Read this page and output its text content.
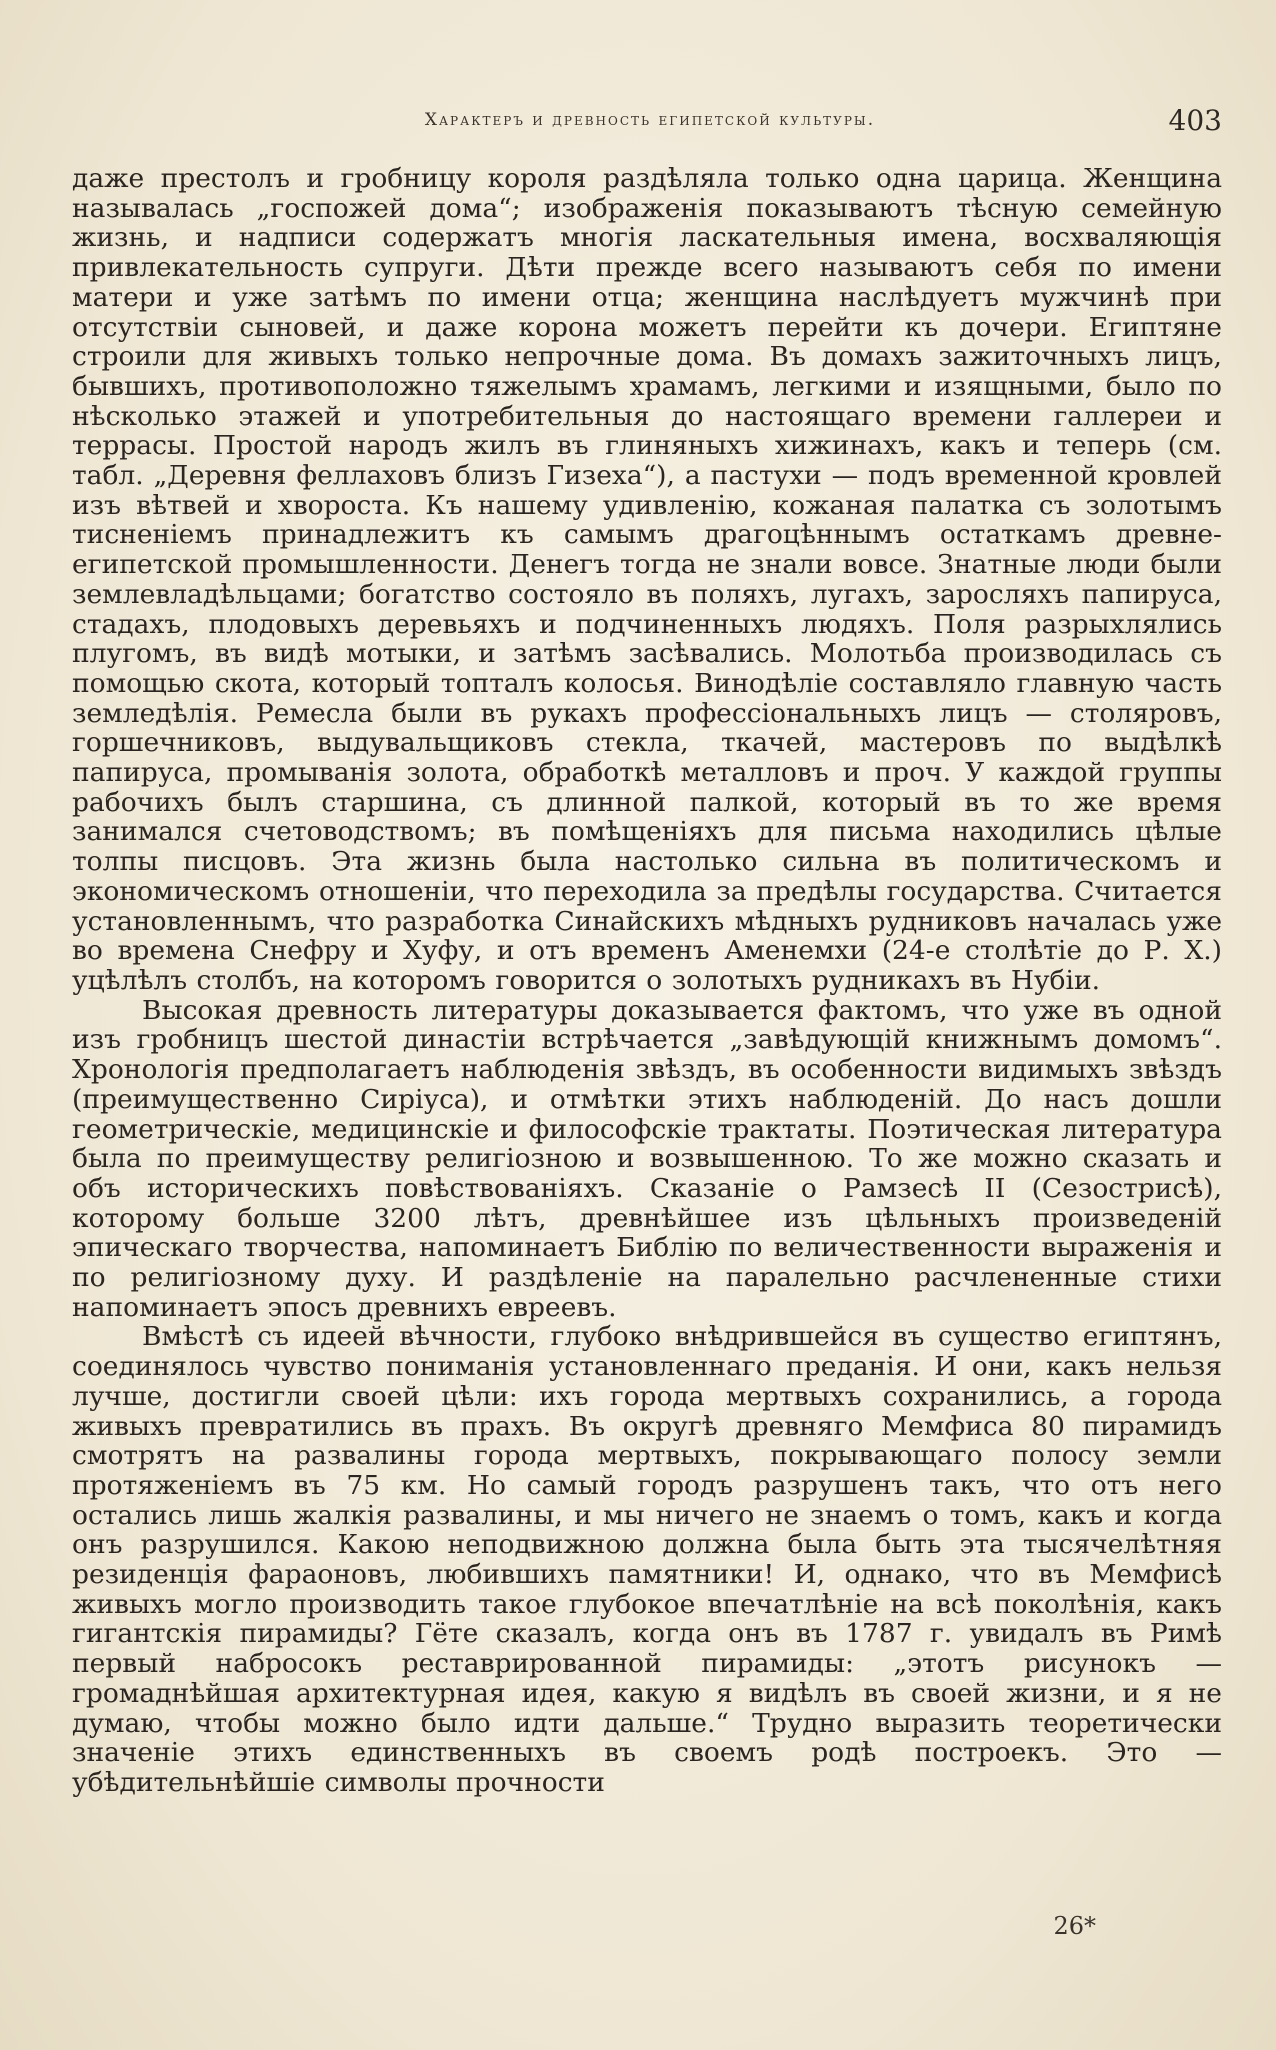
Характеръ и древность египетской культуры.	403

даже престолъ и гробницу короля раздѣляла только одна царица. Женщина называлась „госпожей дома“; изображенія показываютъ тѣсную семейную жизнь, и надписи содержатъ многія ласкательныя имена, восхваляющія привлекательность супруги. Дѣти прежде всего называютъ себя по имени матери и уже затѣмъ по имени отца; женщина наслѣдуетъ мужчинѣ при отсутствіи сыновей, и даже корона можетъ перейти къ дочери. Египтяне строили для живыхъ только непрочные дома. Въ домахъ зажиточныхъ лицъ, бывшихъ, противоположно тяжелымъ храмамъ, легкими и изящными, было по нѣсколько этажей и употребительныя до настоящаго времени галлереи и террасы. Простой народъ жилъ въ глиняныхъ хижинахъ, какъ и теперь (см. табл. „Деревня феллаховъ близъ Гизеха“), а пастухи — подъ временной кровлей изъ вѣтвей и хвороста. Къ нашему удивленію, кожаная палатка съ золотымъ тисненіемъ принадлежитъ къ самымъ драгоцѣннымъ остаткамъ древне-египетской промышленности. Денегъ тогда не знали вовсе. Знатные люди были землевладѣльцами; богатство состояло въ поляхъ, лугахъ, заросляхъ папируса, стадахъ, плодовыхъ деревьяхъ и подчиненныхъ людяхъ. Поля разрыхлялись плугомъ, въ видѣ мотыки, и затѣмъ засѣвались. Молотьба производилась съ помощью скота, который топталъ колосья. Винодѣліе составляло главную часть земледѣлія. Ремесла были въ рукахъ профессіональныхъ лицъ — столяровъ, горшечниковъ, выдувальщиковъ стекла, ткачей, мастеровъ по выдѣлкѣ папируса, промыванія золота, обработкѣ металловъ и проч. У каждой группы рабочихъ былъ старшина, съ длинной палкой, который въ то же время занимался счетоводствомъ; въ помѣщеніяхъ для письма находились цѣлые толпы писцовъ. Эта жизнь была настолько сильна въ политическомъ и экономическомъ отношеніи, что переходила за предѣлы государства. Считается установленнымъ, что разработка Синайскихъ мѣдныхъ рудниковъ началась уже во времена Снефру и Хуфу, и отъ временъ Аменемхи (24-е столѣтіе до Р. Х.) уцѣлѣлъ столбъ, на которомъ говорится о золотыхъ рудникахъ въ Нубіи.

Высокая древность литературы доказывается фактомъ, что уже въ одной изъ гробницъ шестой династіи встрѣчается „завѣдующій книжнымъ домомъ“. Хронологія предполагаетъ наблюденія звѣздъ, въ особенности видимыхъ звѣздъ (преимущественно Сиріуса), и отмѣтки этихъ наблюденій. До насъ дошли геометрическіе, медицинскіе и философскіе трактаты. Поэтическая литература была по преимуществу религіозною и возвышенною. То же можно сказать и объ историческихъ повѣствованіяхъ. Сказаніе о Рамзесѣ II (Сезострисѣ), которому больше 3200 лѣтъ, древнѣйшее изъ цѣльныхъ произведеній эпическаго творчества, напоминаетъ Библію по величественности выраженія и по религіозному духу. И раздѣленіе на паралельно расчлененные стихи напоминаетъ эпосъ древнихъ евреевъ.

Вмѣстѣ съ идеей вѣчности, глубоко внѣдрившейся въ существо египтянъ, соединялось чувство пониманія установленнаго преданія. И они, какъ нельзя лучше, достигли своей цѣли: ихъ города мертвыхъ сохранились, а города живыхъ превратились въ прахъ. Въ округѣ древняго Мемфиса 80 пирамидъ смотрятъ на развалины города мертвыхъ, покрывающаго полосу земли протяженіемъ въ 75 км. Но самый городъ разрушенъ такъ, что отъ него остались лишь жалкія развалины, и мы ничего не знаемъ о томъ, какъ и когда онъ разрушился. Какою неподвижною должна была быть эта тысячелѣтняя резиденція фараоновъ, любившихъ памятники! И, однако, что въ Мемфисѣ живыхъ могло производить такое глубокое впечатлѣніе на всѣ поколѣнія, какъ гигантскія пирамиды? Гёте сказалъ, когда онъ въ 1787 г. увидалъ въ Римѣ первый набросокъ реставрированной пирамиды: „этотъ рисунокъ — громаднѣйшая архитектурная идея, какую я видѣлъ въ своей жизни, и я не думаю, чтобы можно было идти дальше.“ Трудно выразить теоретически значеніе этихъ единственныхъ въ своемъ родѣ построекъ. Это — убѣдительнѣйшіе символы прочности

26*
